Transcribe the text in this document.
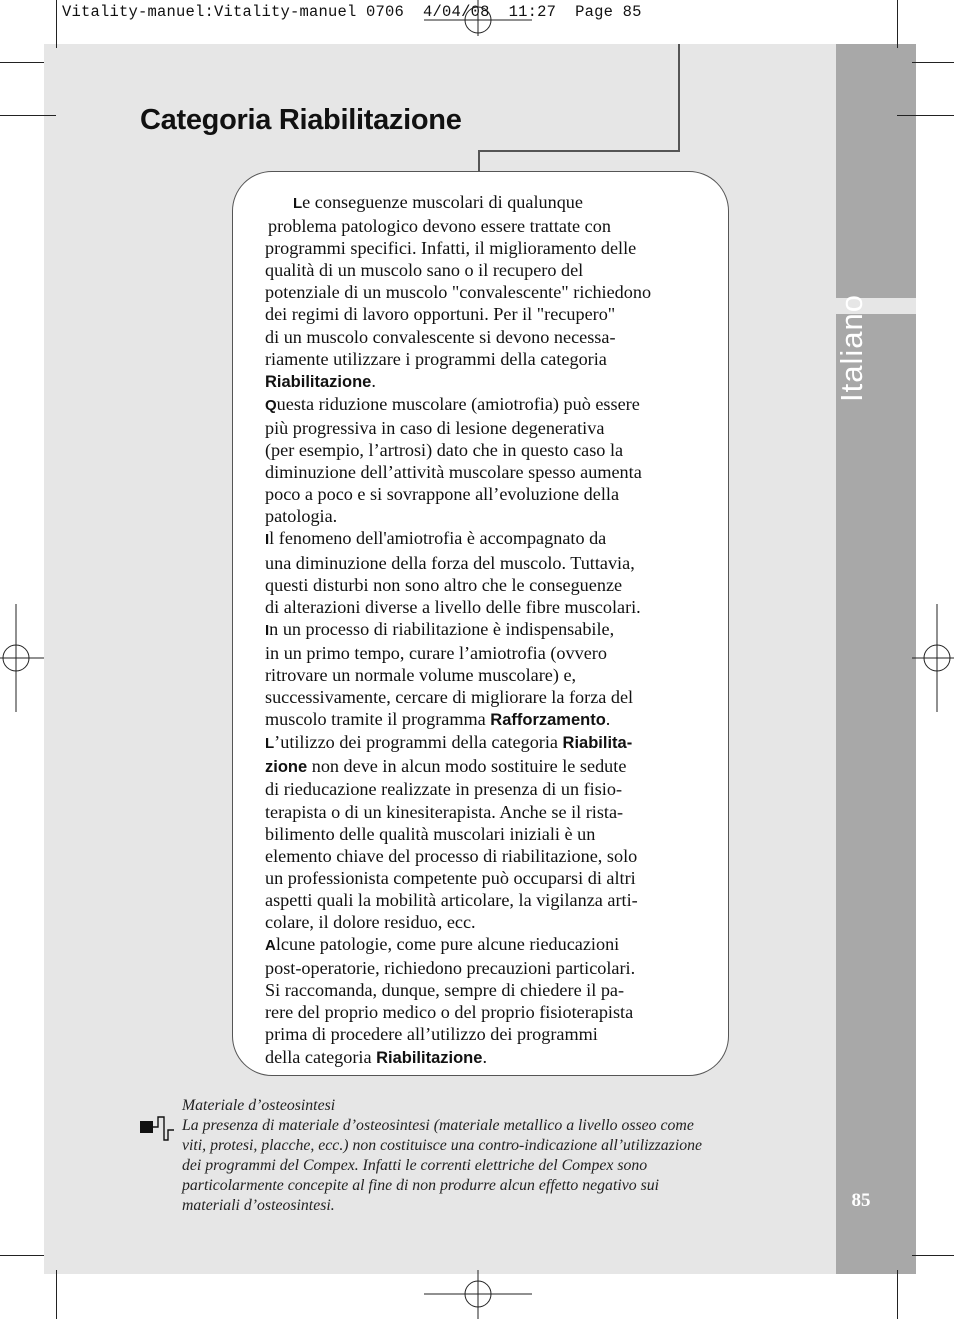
Italiano
85
Vitality-manuel:Vitality-manuel 0706  4/04/08  11:27  Page 85
Categoria Riabilitazione

Le conseguenze muscolari di qualunque
problema patologico devono essere trattate con
programmi specifici. Infatti, il miglioramento delle
qualità di un muscolo sano o il recupero del
potenziale di un muscolo "convalescente" richiedono
dei regimi di lavoro opportuni. Per il "recupero"
di un muscolo convalescente si devono necessa-
riamente utilizzare i programmi della categoria
Riabilitazione.

Questa riduzione muscolare (amiotrofia) può essere
più progressiva in caso di lesione degenerativa
(per esempio, l’artrosi) dato che in questo caso la
diminuzione dell’attività muscolare spesso aumenta
poco a poco e si sovrappone all’evoluzione della
patologia.

Il fenomeno dell'amiotrofia è accompagnato da
una diminuzione della forza del muscolo. Tuttavia,
questi disturbi non sono altro che le conseguenze
di alterazioni diverse a livello delle fibre muscolari.

In un processo di riabilitazione è indispensabile,
in un primo tempo, curare l’amiotrofia (ovvero
ritrovare un normale volume muscolare) e,
successivamente, cercare di migliorare la forza del
muscolo tramite il programma Rafforzamento.

L’utilizzo dei programmi della categoria Riabilita-
zione non deve in alcun modo sostituire le sedute
di rieducazione realizzate in presenza di un fisio-
terapista o di un kinesiterapista. Anche se il rista-
bilimento delle qualità muscolari iniziali è un
elemento chiave del processo di riabilitazione, solo
un professionista competente può occuparsi di altri
aspetti quali la mobilità articolare, la vigilanza arti-
colare, il dolore residuo, ecc.

Alcune patologie, come pure alcune rieducazioni
post-operatorie, richiedono precauzioni particolari.
Si raccomanda, dunque, sempre di chiedere il pa-
rere del proprio medico o del proprio fisioterapista
prima di procedere all’utilizzo dei programmi
della categoria Riabilitazione.

Materiale d’osteosintesi
La presenza di materiale d’osteosintesi (materiale metallico a livello osseo come
viti, protesi, placche, ecc.) non costituisce una contro-indicazione all’utilizzazione
dei programmi del Compex. Infatti le correnti elettriche del Compex sono
particolarmente concepite al fine di non produrre alcun effetto negativo sui
materiali d’osteosintesi.
